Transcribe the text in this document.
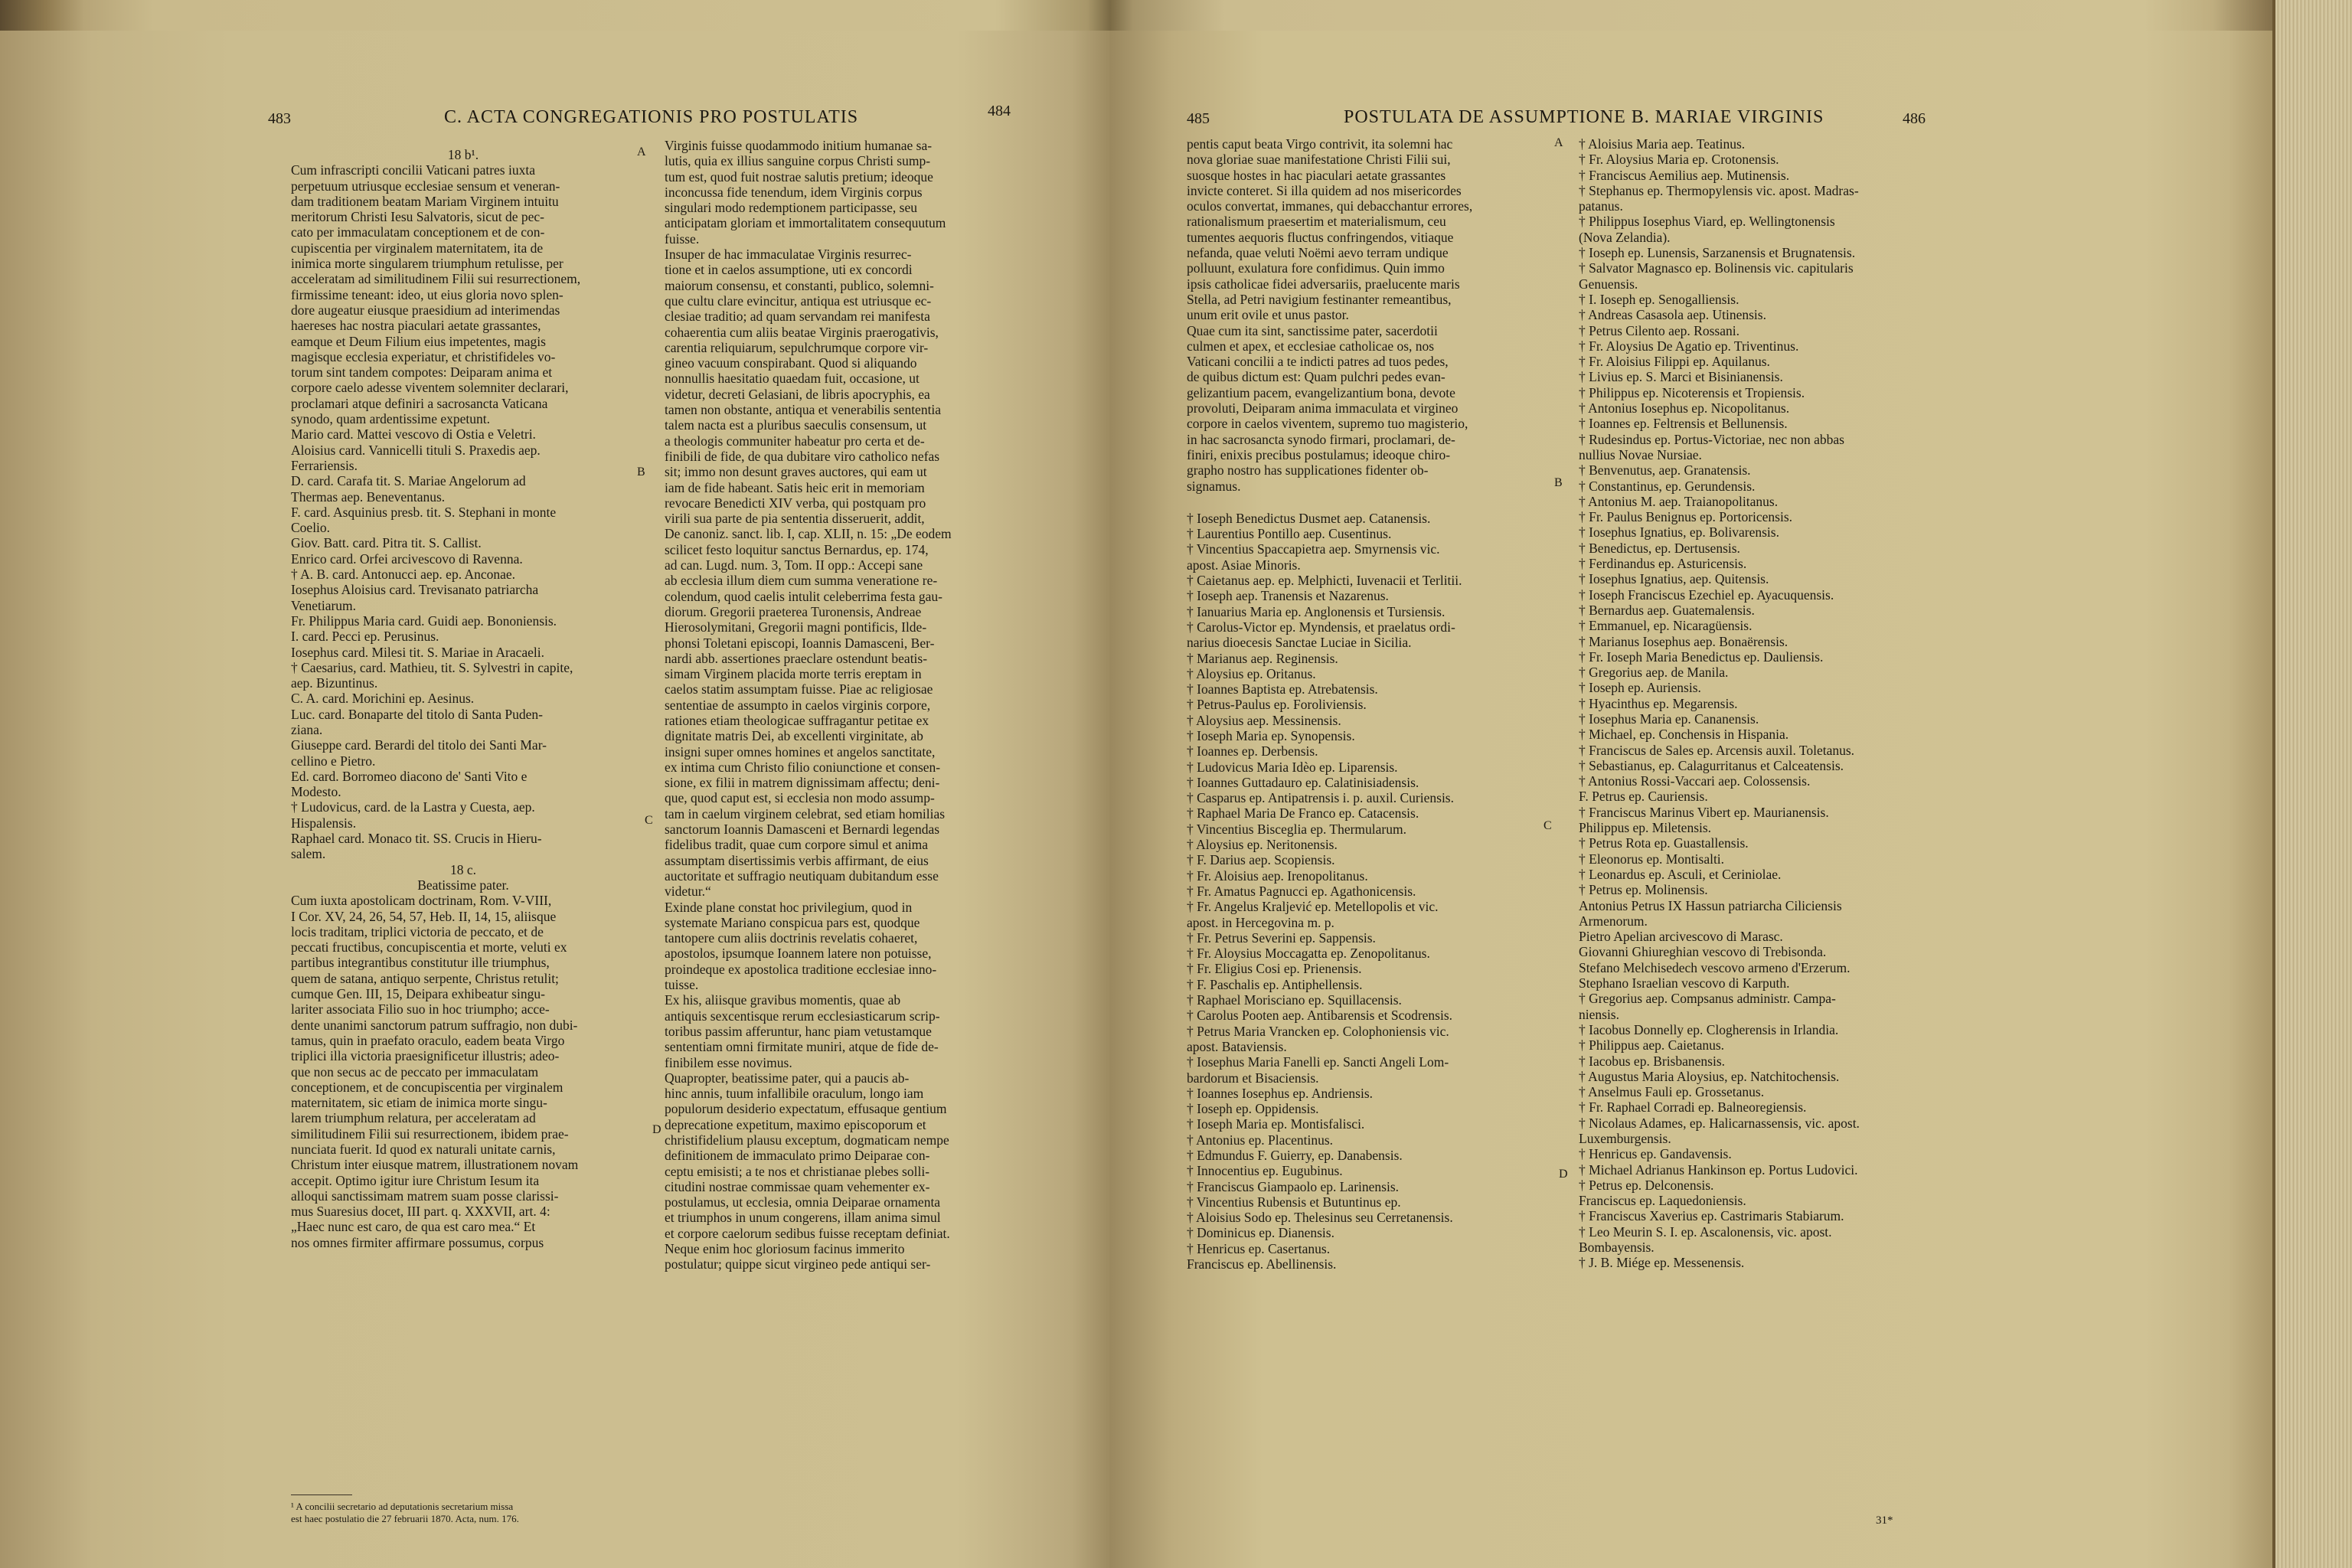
483	C. ACTA CONGREGATIONIS PRO POSTULATIS	484
18 b¹.
Cum infrascripti concilii Vaticani patres iuxta
perpetuum utriusque ecclesiae sensum et veneran-
dam traditionem beatam Mariam Virginem intuitu
meritorum Christi Iesu Salvatoris, sicut de pec-
cato per immaculatam conceptionem et de con-
cupiscentia per virginalem maternitatem, ita de
inimica morte singularem triumphum retulisse, per
acceleratam ad similitudinem Filii sui resurrectionem,
firmissime teneant: ideo, ut eius gloria novo splen-
dore augeatur eiusque praesidium ad interimendas
haereses hac nostra piaculari aetate grassantes,
eamque et Deum Filium eius impetentes, magis
magisque ecclesia experiatur, et christifideles vo-
torum sint tandem compotes: Deiparam anima et
corpore caelo adesse viventem solemniter declarari,
proclamari atque definiri a sacrosancta Vaticana
synodo, quam ardentissime expetunt.
Mario card. Mattei vescovo di Ostia e Veletri.
Aloisius card. Vannicelli tituli S. Praxedis aep.
Ferrariensis.
D. card. Carafa tit. S. Mariae Angelorum ad
Thermas aep. Beneventanus.
F. card. Asquinius presb. tit. S. Stephani in monte
Coelio.
Giov. Batt. card. Pitra tit. S. Callist.
Enrico card. Orfei arcivescovo di Ravenna.
† A. B. card. Antonucci aep. ep. Anconae.
Iosephus Aloisius card. Trevisanato patriarcha
Venetiarum.
Fr. Philippus Maria card. Guidi aep. Bononiensis.
I. card. Pecci ep. Perusinus.
Iosephus card. Milesi tit. S. Mariae in Aracaeli.
† Caesarius, card. Mathieu, tit. S. Sylvestri in capite,
aep. Bizuntinus.
C. A. card. Morichini ep. Aesinus.
Luc. card. Bonaparte del titolo di Santa Puden-
ziana.
Giuseppe card. Berardi del titolo dei Santi Mar-
cellino e Pietro.
Ed. card. Borromeo diacono de' Santi Vito e
Modesto.
† Ludovicus, card. de la Lastra y Cuesta, aep.
Hispalensis.
Raphael card. Monaco tit. SS. Crucis in Hieru-
salem.
18 c.
Beatissime pater.
Cum iuxta apostolicam doctrinam, Rom. V-VIII,
I Cor. XV, 24, 26, 54, 57, Heb. II, 14, 15, aliisque
locis traditam, triplici victoria de peccato, et de
peccati fructibus, concupiscentia et morte, veluti ex
partibus integrantibus constitutur ille triumphus,
quem de satana, antiquo serpente, Christus retulit;
cumque Gen. III, 15, Deipara exhibeatur singu-
lariter associata Filio suo in hoc triumpho; acce-
dente unanimi sanctorum patrum suffragio, non dubi-
tamus, quin in praefato oraculo, eadem beata Virgo
triplici illa victoria praesignificetur illustris; adeo-
que non secus ac de peccato per immaculatam
conceptionem, et de concupiscentia per virginalem
maternitatem, sic etiam de inimica morte singu-
larem triumphum relatura, per acceleratam ad
similitudinem Filii sui resurrectionem, ibidem prae-
nunciata fuerit. Id quod ex naturali unitate carnis,
Christum inter eiusque matrem, illustrationem novam
accepit. Optimo igitur iure Christum Iesum ita
alloqui sanctissimam matrem suam posse clarissi-
mus Suaresius docet, III part. q. XXXVII, art. 4:
„Haec nunc est caro, de qua est caro mea.“ Et
nos omnes firmiter affirmare possumus, corpus
Virginis fuisse quodammodo initium humanae sa-
lutis, quia ex illius sanguine corpus Christi sump-
tum est, quod fuit nostrae salutis pretium; ideoque
inconcussa fide tenendum, idem Virginis corpus
singulari modo redemptionem participasse, seu
anticipatam gloriam et immortalitatem consequutum
fuisse.
Insuper de hac immaculatae Virginis resurrec-
tione et in caelos assumptione, uti ex concordi
maiorum consensu, et constanti, publico, solemni-
que cultu clare evincitur, antiqua est utriusque ec-
clesiae traditio; ad quam servandam rei manifesta
cohaerentia cum aliis beatae Virginis praerogativis,
carentia reliquiarum, sepulchrumque corpore vir-
gineo vacuum conspirabant. Quod si aliquando
nonnullis haesitatio quaedam fuit, occasione, ut
videtur, decreti Gelasiani, de libris apocryphis, ea
tamen non obstante, antiqua et venerabilis sententia
talem nacta est a pluribus saeculis consensum, ut
a theologis communiter habeatur pro certa et de-
finibili de fide, de qua dubitare viro catholico nefas
sit; immo non desunt graves auctores, qui eam ut
iam de fide habeant. Satis heic erit in memoriam
revocare Benedicti XIV verba, qui postquam pro
virili sua parte de pia sententia disseruerit, addit,
De canoniz. sanct. lib. I, cap. XLII, n. 15: „De eodem
scilicet festo loquitur sanctus Bernardus, ep. 174,
ad can. Lugd. num. 3, Tom. II opp.: Accepi sane
ab ecclesia illum diem cum summa veneratione re-
colendum, quod caelis intulit celeberrima festa gau-
diorum. Gregorii praeterea Turonensis, Andreae
Hierosolymitani, Gregorii magni pontificis, Ilde-
phonsi Toletani episcopi, Ioannis Damasceni, Ber-
nardi abb. assertiones praeclare ostendunt beatis-
simam Virginem placida morte terris ereptam in
caelos statim assumptam fuisse. Piae ac religiosae
sententiae de assumpto in caelos virginis corpore,
rationes etiam theologicae suffragantur petitae ex
dignitate matris Dei, ab excellenti virginitate, ab
insigni super omnes homines et angelos sanctitate,
ex intima cum Christo filio coniunctione et consen-
sione, ex filii in matrem dignissimam affectu; deni-
que, quod caput est, si ecclesia non modo assump-
tam in caelum virginem celebrat, sed etiam homilias
sanctorum Ioannis Damasceni et Bernardi legendas
fidelibus tradit, quae cum corpore simul et anima
assumptam disertissimis verbis affirmant, de eius
auctoritate et suffragio neutiquam dubitandum esse
videtur.“
Exinde plane constat hoc privilegium, quod in
systemate Mariano conspicua pars est, quodque
tantopere cum aliis doctrinis revelatis cohaeret,
apostolos, ipsumque Ioannem latere non potuisse,
proindeque ex apostolica traditione ecclesiae inno-
tuisse.
Ex his, aliisque gravibus momentis, quae ab
antiquis sexcentisque rerum ecclesiasticarum scrip-
toribus passim afferuntur, hanc piam vetustamque
sententiam omni firmitate muniri, atque de fide de-
finibilem esse novimus.
Quapropter, beatissime pater, qui a paucis ab-
hinc annis, tuum infallibile oraculum, longo iam
populorum desiderio expectatum, effusaque gentium
deprecatione expetitum, maximo episcoporum et
christifidelium plausu exceptum, dogmaticam nempe
definitionem de immaculato primo Deiparae con-
ceptu emisisti; a te nos et christianae plebes solli-
citudini nostrae commissae quam vehementer ex-
postulamus, ut ecclesia, omnia Deiparae ornamenta
et triumphos in unum congerens, illam anima simul
et corpore caelorum sedibus fuisse receptam definiat.
Neque enim hoc gloriosum facinus immerito
postulatur; quippe sicut virgineo pede antiqui ser-
A
B
C
D
¹ A concilii secretario ad deputationis secretarium missa
est haec postulatio die 27 februarii 1870. Acta, num. 176.
485	POSTULATA DE ASSUMPTIONE B. MARIAE VIRGINIS	486
pentis caput beata Virgo contrivit, ita solemni hac
nova gloriae suae manifestatione Christi Filii sui,
suosque hostes in hac piaculari aetate grassantes
invicte conteret. Si illa quidem ad nos misericordes
oculos convertat, immanes, qui debacchantur errores,
rationalismum praesertim et materialismum, ceu
tumentes aequoris fluctus confringendos, vitiaque
nefanda, quae veluti Noëmi aevo terram undique
polluunt, exulatura fore confidimus. Quin immo
ipsis catholicae fidei adversariis, praelucente maris
Stella, ad Petri navigium festinanter remeantibus,
unum erit ovile et unus pastor.
Quae cum ita sint, sanctissime pater, sacerdotii
culmen et apex, et ecclesiae catholicae os, nos
Vaticani concilii a te indicti patres ad tuos pedes,
de quibus dictum est: Quam pulchri pedes evan-
gelizantium pacem, evangelizantium bona, devote
provoluti, Deiparam anima immaculata et virgineo
corpore in caelos viventem, supremo tuo magisterio,
in hac sacrosancta synodo firmari, proclamari, de-
finiri, enixis precibus postulamus; ideoque chiro-
grapho nostro has supplicationes fidenter ob-
signamus.
† Ioseph Benedictus Dusmet aep. Catanensis.
† Laurentius Pontillo aep. Cusentinus.
† Vincentius Spaccapietra aep. Smyrnensis vic.
apost. Asiae Minoris.
† Caietanus aep. ep. Melphicti, Iuvenacii et Terlitii.
† Ioseph aep. Tranensis et Nazarenus.
† Ianuarius Maria ep. Anglonensis et Tursiensis.
† Carolus-Victor ep. Myndensis, et praelatus ordi-
narius dioecesis Sanctae Luciae in Sicilia.
† Marianus aep. Reginensis.
† Aloysius ep. Oritanus.
† Ioannes Baptista ep. Atrebatensis.
† Petrus-Paulus ep. Foroliviensis.
† Aloysius aep. Messinensis.
† Ioseph Maria ep. Synopensis.
† Ioannes ep. Derbensis.
† Ludovicus Maria Idèo ep. Liparensis.
† Ioannes Guttadauro ep. Calatinisiadensis.
† Casparus ep. Antipatrensis i. p. auxil. Curiensis.
† Raphael Maria De Franco ep. Catacensis.
† Vincentius Bisceglia ep. Thermularum.
† Aloysius ep. Neritonensis.
† F. Darius aep. Scopiensis.
† Fr. Aloisius aep. Irenopolitanus.
† Fr. Amatus Pagnucci ep. Agathonicensis.
† Fr. Angelus Kraljević ep. Metellopolis et vic.
apost. in Hercegovina m. p.
† Fr. Petrus Severini ep. Sappensis.
† Fr. Aloysius Moccagatta ep. Zenopolitanus.
† Fr. Eligius Cosi ep. Prienensis.
† F. Paschalis ep. Antiphellensis.
† Raphael Morisciano ep. Squillacensis.
† Carolus Pooten aep. Antibarensis et Scodrensis.
† Petrus Maria Vrancken ep. Colophoniensis vic.
apost. Bataviensis.
† Iosephus Maria Fanelli ep. Sancti Angeli Lom-
bardorum et Bisaciensis.
† Ioannes Iosephus ep. Andriensis.
† Ioseph ep. Oppidensis.
† Ioseph Maria ep. Montisfalisci.
† Antonius ep. Placentinus.
† Edmundus F. Guierry, ep. Danabensis.
† Innocentius ep. Eugubinus.
† Franciscus Giampaolo ep. Larinensis.
† Vincentius Rubensis et Butuntinus ep.
† Aloisius Sodo ep. Thelesinus seu Cerretanensis.
† Dominicus ep. Dianensis.
† Henricus ep. Casertanus.
Franciscus ep. Abellinensis.
† Aloisius Maria aep. Teatinus.
† Fr. Aloysius Maria ep. Crotonensis.
† Franciscus Aemilius aep. Mutinensis.
† Stephanus ep. Thermopylensis vic. apost. Madras-
patanus.
† Philippus Iosephus Viard, ep. Wellingtonensis
(Nova Zelandia).
† Ioseph ep. Lunensis, Sarzanensis et Brugnatensis.
† Salvator Magnasco ep. Bolinensis vic. capitularis
Genuensis.
† I. Ioseph ep. Senogalliensis.
† Andreas Casasola aep. Utinensis.
† Petrus Cilento aep. Rossani.
† Fr. Aloysius De Agatio ep. Triventinus.
† Fr. Aloisius Filippi ep. Aquilanus.
† Livius ep. S. Marci et Bisinianensis.
† Philippus ep. Nicoterensis et Tropiensis.
† Antonius Iosephus ep. Nicopolitanus.
† Ioannes ep. Feltrensis et Bellunensis.
† Rudesindus ep. Portus-Victoriae, nec non abbas
nullius Novae Nursiae.
† Benvenutus, aep. Granatensis.
† Constantinus, ep. Gerundensis.
† Antonius M. aep. Traianopolitanus.
† Fr. Paulus Benignus ep. Portoricensis.
† Iosephus Ignatius, ep. Bolivarensis.
† Benedictus, ep. Dertusensis.
† Ferdinandus ep. Asturicensis.
† Iosephus Ignatius, aep. Quitensis.
† Ioseph Franciscus Ezechiel ep. Ayacuquensis.
† Bernardus aep. Guatemalensis.
† Emmanuel, ep. Nicaragüensis.
† Marianus Iosephus aep. Bonaërensis.
† Fr. Ioseph Maria Benedictus ep. Dauliensis.
† Gregorius aep. de Manila.
† Ioseph ep. Auriensis.
† Hyacinthus ep. Megarensis.
† Iosephus Maria ep. Cananensis.
† Michael, ep. Conchensis in Hispania.
† Franciscus de Sales ep. Arcensis auxil. Toletanus.
† Sebastianus, ep. Calagurritanus et Calceatensis.
† Antonius Rossi-Vaccari aep. Colossensis.
F. Petrus ep. Cauriensis.
† Franciscus Marinus Vibert ep. Maurianensis.
Philippus ep. Miletensis.
† Petrus Rota ep. Guastallensis.
† Eleonorus ep. Montisalti.
† Leonardus ep. Asculi, et Ceriniolae.
† Petrus ep. Molinensis.
Antonius Petrus IX Hassun patriarcha Ciliciensis
Armenorum.
Pietro Apelian arcivescovo di Marasc.
Giovanni Ghiureghian vescovo di Trebisonda.
Stefano Melchisedech vescovo armeno d'Erzerum.
Stephano Israelian vescovo di Karputh.
† Gregorius aep. Compsanus administr. Campa-
niensis.
† Iacobus Donnelly ep. Clogherensis in Irlandia.
† Philippus aep. Caietanus.
† Iacobus ep. Brisbanensis.
† Augustus Maria Aloysius, ep. Natchitochensis.
† Anselmus Fauli ep. Grossetanus.
† Fr. Raphael Corradi ep. Balneoregiensis.
† Nicolaus Adames, ep. Halicarnassensis, vic. apost.
Luxemburgensis.
† Henricus ep. Gandavensis.
† Michael Adrianus Hankinson ep. Portus Ludovici.
† Petrus ep. Delconensis.
Franciscus ep. Laquedoniensis.
† Franciscus Xaverius ep. Castrimaris Stabiarum.
† Leo Meurin S. I. ep. Ascalonensis, vic. apost.
Bombayensis.
† J. B. Miége ep. Messenensis.
A
B
C
D
31*
